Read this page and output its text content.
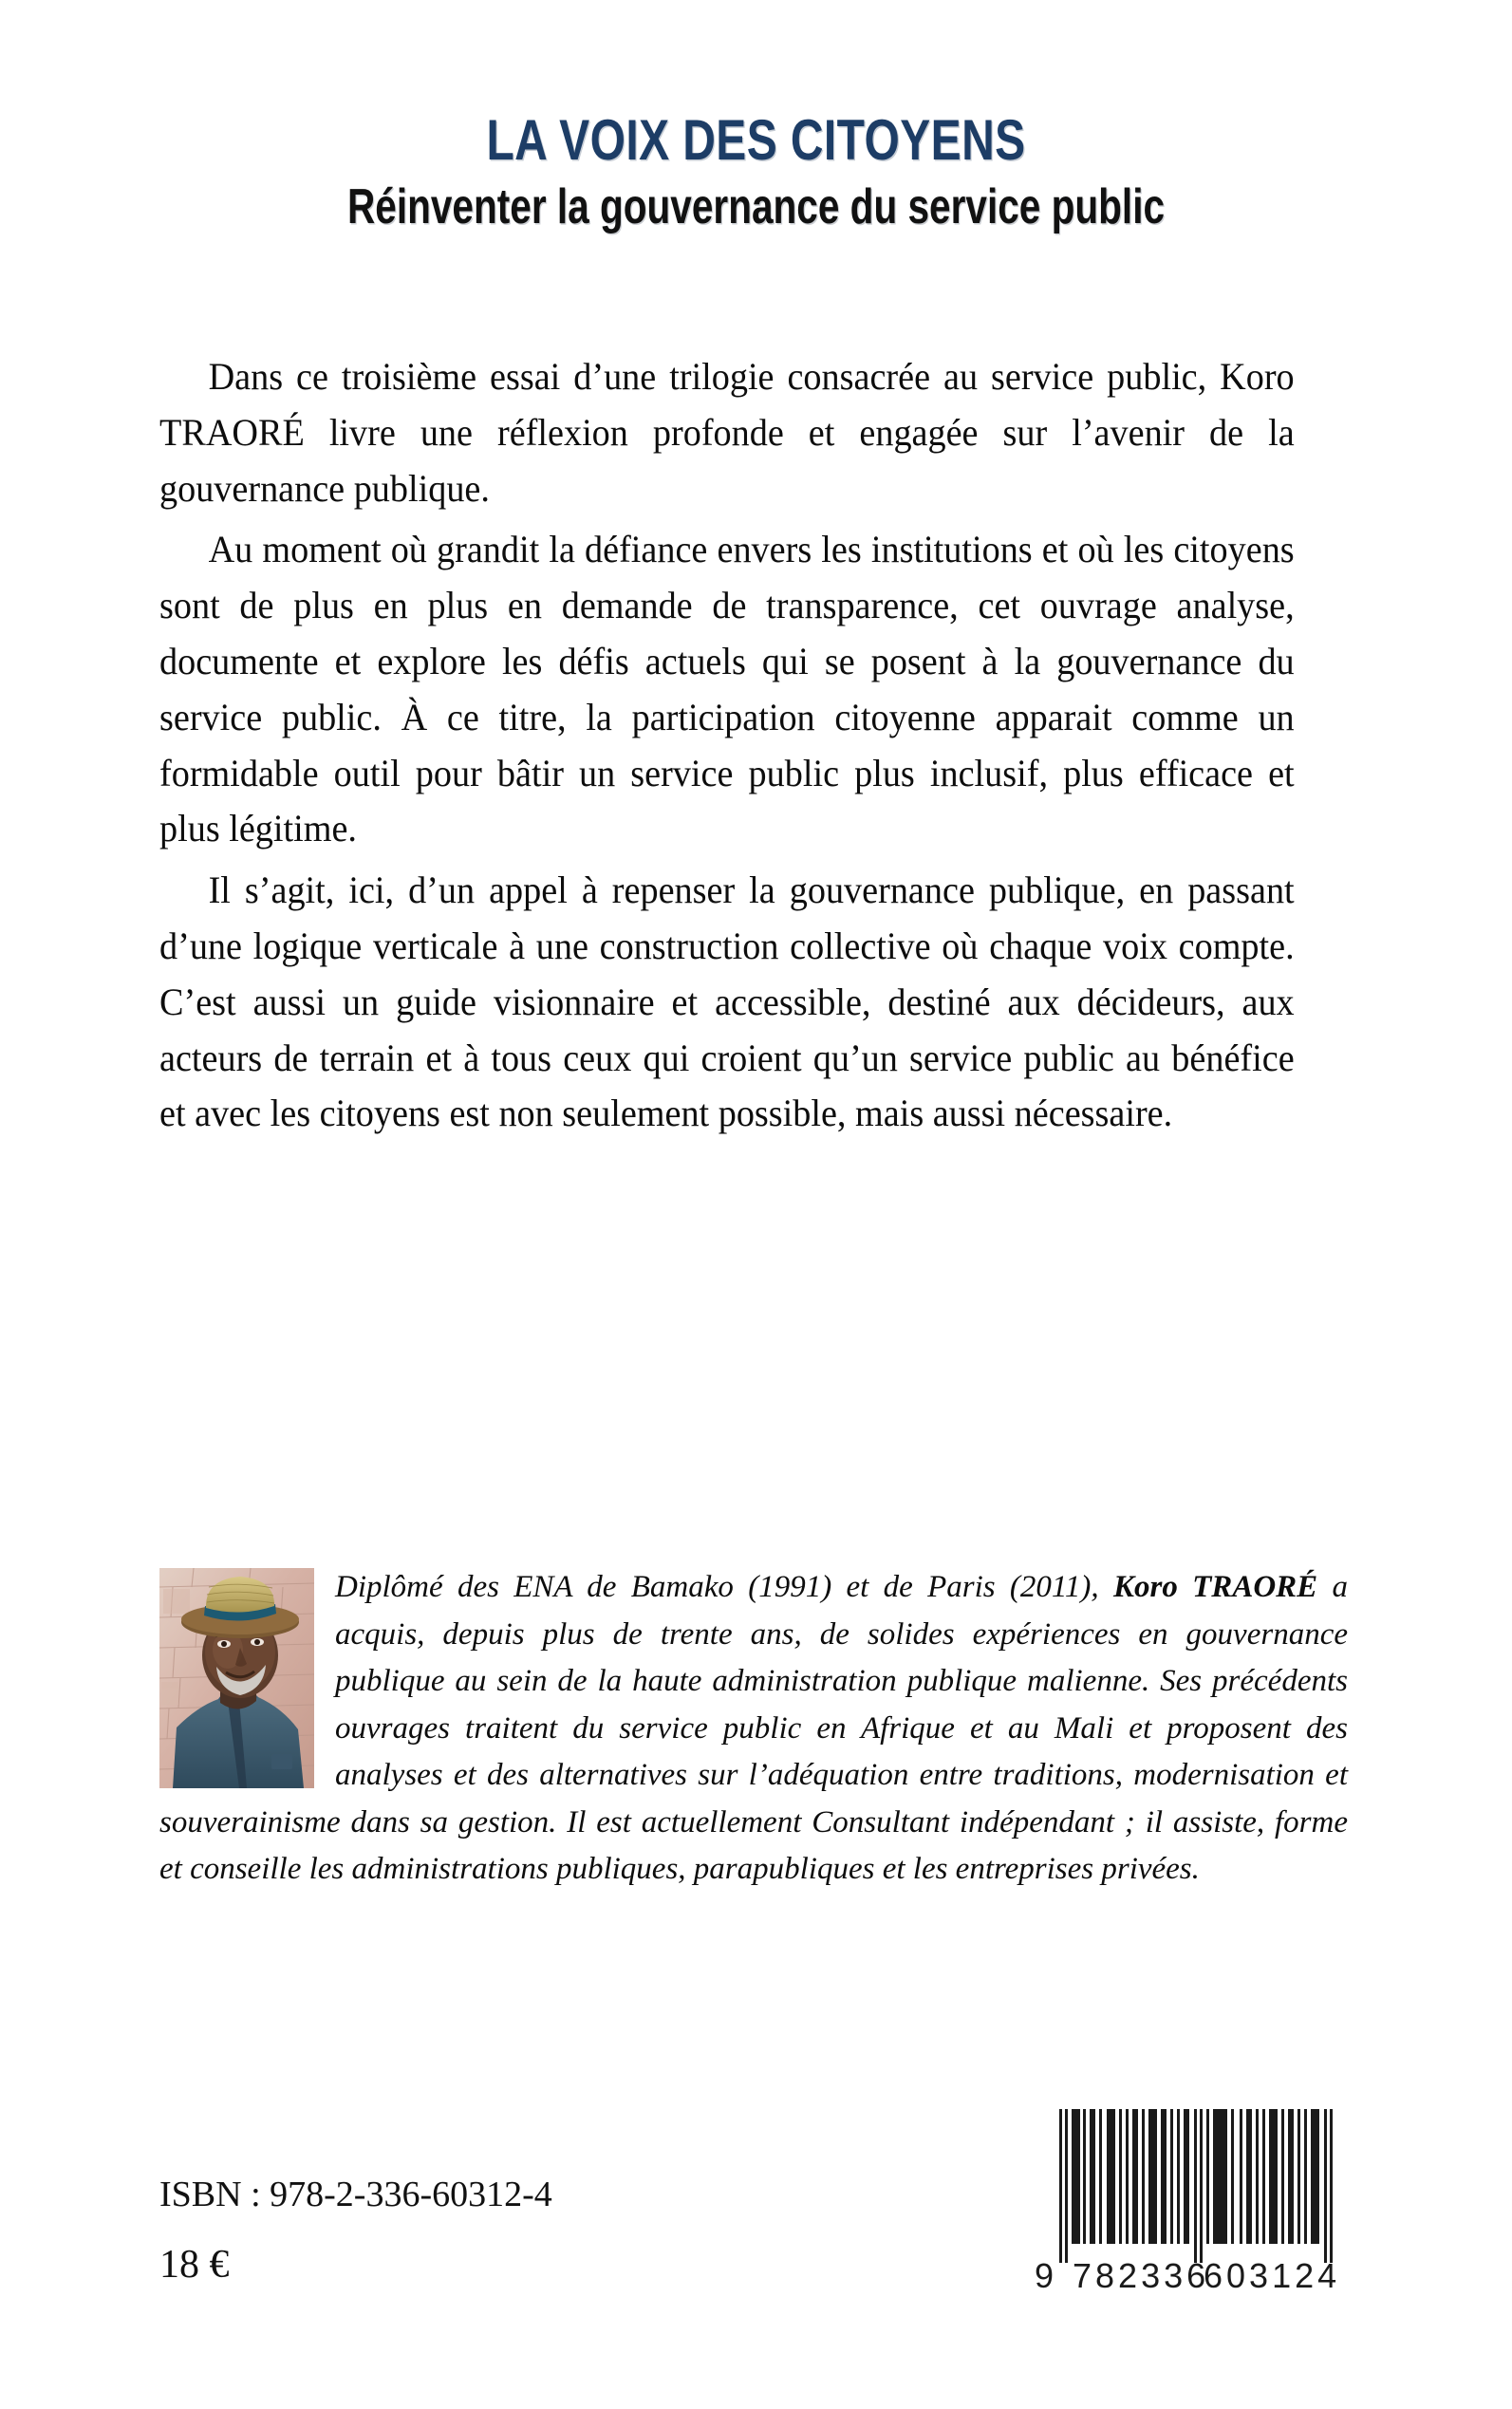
LA VOIX DES CITOYENS
Réinventer la gouvernance du service public

Dans ce troisième essai d’une trilogie consacrée au service public, Koro TRAORÉ livre une réflexion profonde et engagée sur l’avenir de la gouvernance publique.

Au moment où grandit la défiance envers les institutions et où les citoyens sont de plus en plus en demande de transparence, cet ouvrage analyse, documente et explore les défis actuels qui se posent à la gouvernance du service public. À ce titre, la participation citoyenne apparait comme un formidable outil pour bâtir un service public plus inclusif, plus efficace et plus légitime.

Il s’agit, ici, d’un appel à repenser la gouvernance publique, en passant d’une logique verticale à une construction collective où chaque voix compte. C’est aussi un guide visionnaire et accessible, destiné aux décideurs, aux acteurs de terrain et à tous ceux qui croient qu’un service public au bénéfice et avec les citoyens est non seulement possible, mais aussi nécessaire.

Diplômé des ENA de Bamako (1991) et de Paris (2011), Koro TRAORÉ a acquis, depuis plus de trente ans, de solides expériences en gouvernance publique au sein de la haute administration publique malienne. Ses précédents ouvrages traitent du service public en Afrique et au Mali et proposent des analyses et des alternatives sur l’adéquation entre traditions, modernisation et souverainisme dans sa gestion. Il est actuellement Consultant indépendant ; il assiste, forme et conseille les administrations publiques, parapubliques et les entreprises privées.
ISBN : 978-2-336-60312-4
18 €	9 782336
603124
